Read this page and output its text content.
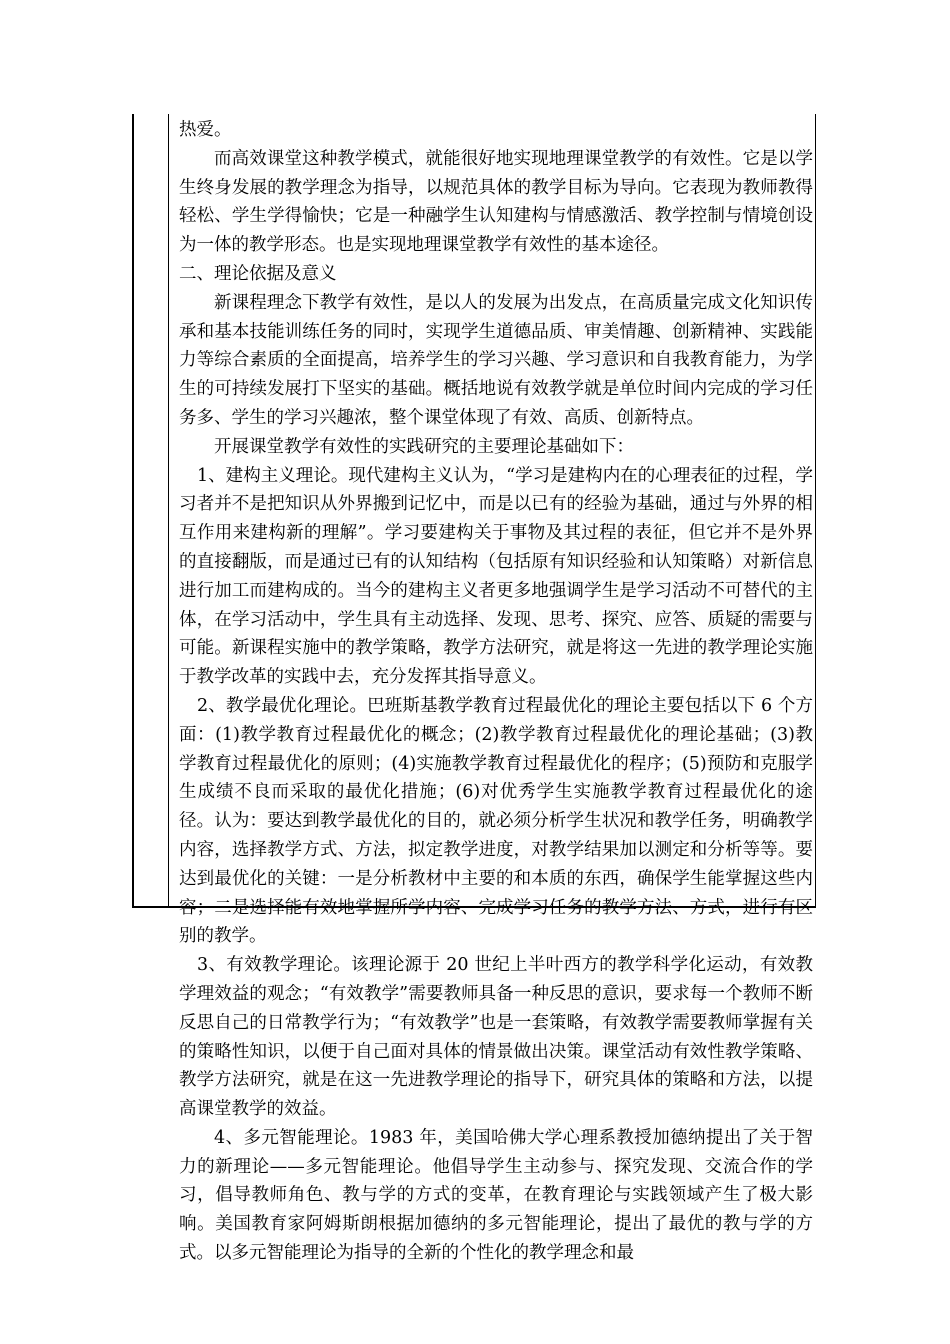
热爱。

而高效课堂这种教学模式，就能很好地实现地理课堂教学的有效性。它是以学生终身发展的教学理念为指导，以规范具体的教学目标为导向。它表现为教师教得轻松、学生学得愉快；它是一种融学生认知建构与情感激活、教学控制与情境创设为一体的教学形态。也是实现地理课堂教学有效性的基本途径。

二、理论依据及意义

新课程理念下教学有效性，是以人的发展为出发点，在高质量完成文化知识传承和基本技能训练任务的同时，实现学生道德品质、审美情趣、创新精神、实践能力等综合素质的全面提高，培养学生的学习兴趣、学习意识和自我教育能力，为学生的可持续发展打下坚实的基础。概括地说有效教学就是单位时间内完成的学习任务多、学生的学习兴趣浓，整个课堂体现了有效、高质、创新特点。

开展课堂教学有效性的实践研究的主要理论基础如下：

1、建构主义理论。现代建构主义认为，“学习是建构内在的心理表征的过程，学习者并不是把知识从外界搬到记忆中，而是以已有的经验为基础，通过与外界的相互作用来建构新的理解”。学习要建构关于事物及其过程的表征，但它并不是外界的直接翻版，而是通过已有的认知结构（包括原有知识经验和认知策略）对新信息进行加工而建构成的。当今的建构主义者更多地强调学生是学习活动不可替代的主体，在学习活动中，学生具有主动选择、发现、思考、探究、应答、质疑的需要与可能。新课程实施中的教学策略，教学方法研究，就是将这一先进的教学理论实施于教学改革的实践中去，充分发挥其指导意义。

2、教学最优化理论。巴班斯基教学教育过程最优化的理论主要包括以下 6 个方面：(1)教学教育过程最优化的概念；(2)教学教育过程最优化的理论基础；(3)教学教育过程最优化的原则；(4)实施教学教育过程最优化的程序；(5)预防和克服学生成绩不良而采取的最优化措施；(6)对优秀学生实施教学教育过程最优化的途径。认为：要达到教学最优化的目的，就必须分析学生状况和教学任务，明确教学内容，选择教学方式、方法，拟定教学进度，对教学结果加以测定和分析等等。要达到最优化的关键：一是分析教材中主要的和本质的东西，确保学生能掌握这些内容；二是选择能有效地掌握所学内容、完成学习任务的教学方法、方式，进行有区别的教学。

3、有效教学理论。该理论源于 20 世纪上半叶西方的教学科学化运动，有效教学理效益的观念；“有效教学”需要教师具备一种反思的意识，要求每一个教师不断反思自己的日常教学行为；“有效教学”也是一套策略，有效教学需要教师掌握有关的策略性知识，以便于自己面对具体的情景做出决策。课堂活动有效性教学策略、教学方法研究，就是在这一先进教学理论的指导下，研究具体的策略和方法，以提高课堂教学的效益。

4、多元智能理论。1983 年，美国哈佛大学心理系教授加德纳提出了关于智力的新理论——多元智能理论。他倡导学生主动参与、探究发现、交流合作的学习，倡导教师角色、教与学的方式的变革，在教育理论与实践领域产生了极大影响。美国教育家阿姆斯朗根据加德纳的多元智能理论，提出了最优的教与学的方式。以多元智能理论为指导的全新的个性化的教学理念和最
